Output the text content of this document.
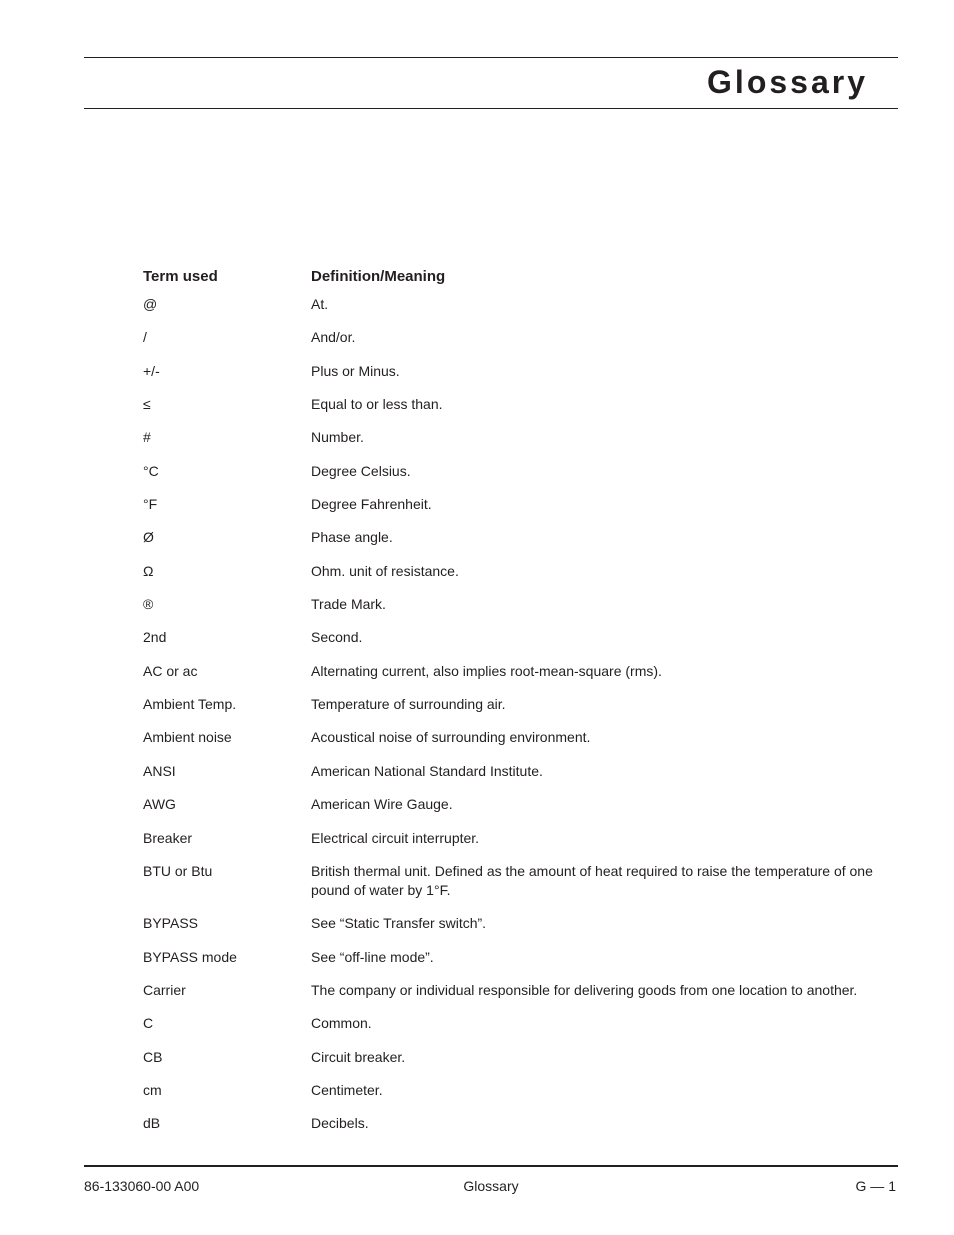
Glossary
Term used	Definition/Meaning
@	At.
/	And/or.
+/-	Plus or Minus.
≤	Equal to or less than.
#	Number.
°C	Degree Celsius.
°F	Degree Fahrenheit.
Ø	Phase angle.
Ω	Ohm. unit of resistance.
®	Trade Mark.
2nd	Second.
AC or ac	Alternating current, also implies root-mean-square (rms).
Ambient Temp.	Temperature of surrounding air.
Ambient noise	Acoustical noise of surrounding environment.
ANSI	American National Standard Institute.
AWG	American Wire Gauge.
Breaker	Electrical circuit interrupter.
BTU or Btu	British thermal unit. Defined as the amount of heat required to raise the temperature of one pound of water by 1°F.
BYPASS	See “Static Transfer switch”.
BYPASS mode	See “off-line mode”.
Carrier	The company or individual responsible for delivering goods from one location to another.
C	Common.
CB	Circuit breaker.
cm	Centimeter.
dB	Decibels.
86-133060-00 A00	Glossary	G — 1
